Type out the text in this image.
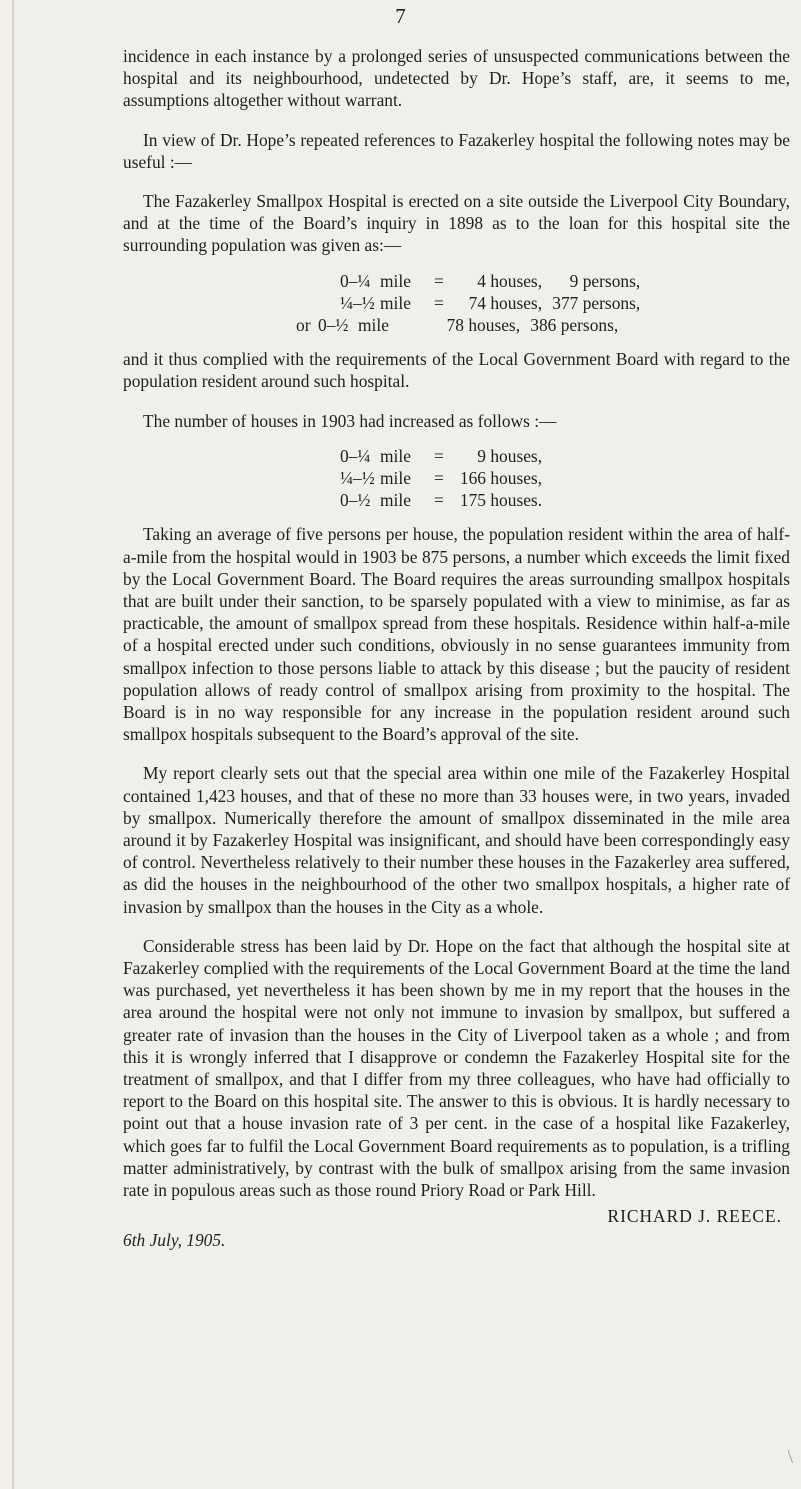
7

incidence in each instance by a prolonged series of unsuspected communications between the hospital and its neighbourhood, undetected by Dr. Hope’s staff, are, it seems to me, assumptions altogether without warrant.

In view of Dr. Hope’s repeated references to Fazakerley hospital the following notes may be useful :—

The Fazakerley Smallpox Hospital is erected on a site outside the Liverpool City Boundary, and at the time of the Board’s inquiry in 1898 as to the loan for this hospital site the surrounding population was given as:—

0–¼ mile = 4 houses, 9 persons,
¼–½ mile = 74 houses, 377 persons,
or 0–½ mile	78 houses, 386 persons,

and it thus complied with the requirements of the Local Government Board with regard to the population resident around such hospital.

The number of houses in 1903 had increased as follows :—

0–¼ mile = 9 houses,
¼–½ mile = 166 houses,
0–½ mile = 175 houses.

Taking an average of five persons per house, the population resident within the area of half-a-mile from the hospital would in 1903 be 875 persons, a number which exceeds the limit fixed by the Local Government Board. The Board requires the areas surrounding smallpox hospitals that are built under their sanction, to be sparsely populated with a view to minimise, as far as practicable, the amount of smallpox spread from these hospitals. Residence within half-a-mile of a hospital erected under such conditions, obviously in no sense guarantees immunity from smallpox infection to those persons liable to attack by this disease ; but the paucity of resident population allows of ready control of smallpox arising from proximity to the hospital. The Board is in no way responsible for any increase in the population resident around such smallpox hospitals subsequent to the Board’s approval of the site.

My report clearly sets out that the special area within one mile of the Fazakerley Hospital contained 1,423 houses, and that of these no more than 33 houses were, in two years, invaded by smallpox. Numerically therefore the amount of smallpox disseminated in the mile area around it by Fazakerley Hospital was insignificant, and should have been correspondingly easy of control. Nevertheless relatively to their number these houses in the Fazakerley area suffered, as did the houses in the neighbourhood of the other two smallpox hospitals, a higher rate of invasion by smallpox than the houses in the City as a whole.

Considerable stress has been laid by Dr. Hope on the fact that although the hospital site at Fazakerley complied with the requirements of the Local Government Board at the time the land was purchased, yet nevertheless it has been shown by me in my report that the houses in the area around the hospital were not only not immune to invasion by smallpox, but suffered a greater rate of invasion than the houses in the City of Liverpool taken as a whole ; and from this it is wrongly inferred that I disapprove or condemn the Fazakerley Hospital site for the treatment of smallpox, and that I differ from my three colleagues, who have had officially to report to the Board on this hospital site. The answer to this is obvious. It is hardly necessary to point out that a house invasion rate of 3 per cent. in the case of a hospital like Fazakerley, which goes far to fulfil the Local Government Board requirements as to population, is a trifling matter administratively, by contrast with the bulk of smallpox arising from the same invasion rate in populous areas such as those round Priory Road or Park Hill.

RICHARD J. REECE.
6th July, 1905.
\
